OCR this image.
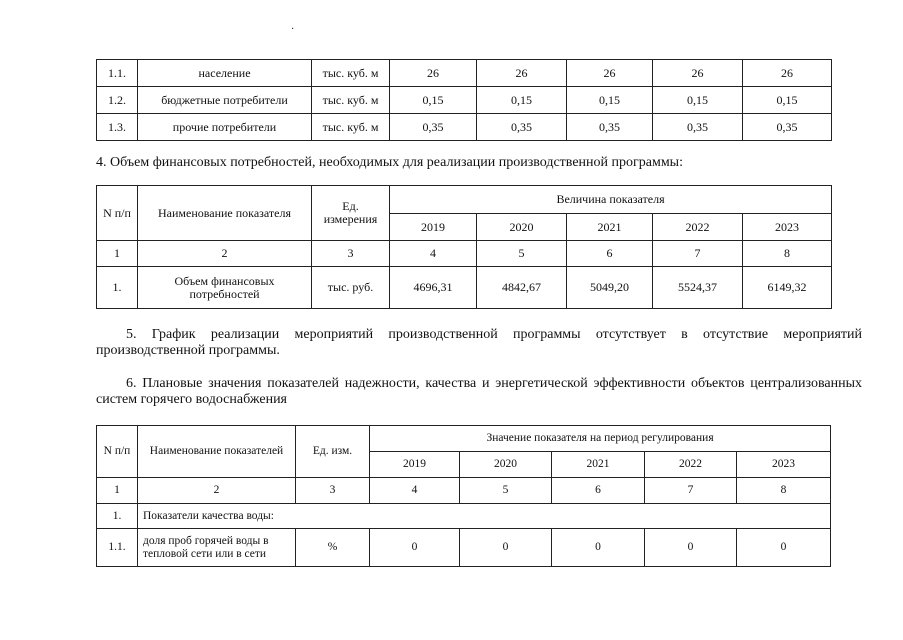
·
1.1.	население	тыс. куб. м	26	26	26	26	26
1.2.	бюджетные потребители	тыс. куб. м	0,15	0,15	0,15	0,15	0,15
1.3.	прочие потребители	тыс. куб. м	0,35	0,35	0,35	0,35	0,35
4. Объем финансовых потребностей, необходимых для реализации производственной программы:
N п/п	Наименование показателя	Ед. измерения	Величина показателя				
			2019	2020	2021	2022	2023
1	2	3	4	5	6	7	8
1.	Объем финансовых потребностей	тыс. руб.	4696,31	4842,67	5049,20	5524,37	6149,32
5. График реализации мероприятий производственной программы отсутствует в отсутствие мероприятий производственной программы.
6. Плановые значения показателей надежности, качества и энергетической эффективности объектов централизованных систем горячего водоснабжения
N п/п	Наименование показателей	Ед. изм.	Значение показателя на период регулирования				
			2019	2020	2021	2022	2023
1	2	3	4	5	6	7	8
1.	Показатели качества воды:						
1.1.	доля проб горячей воды в тепловой сети или в сети	%	0	0	0	0	0
